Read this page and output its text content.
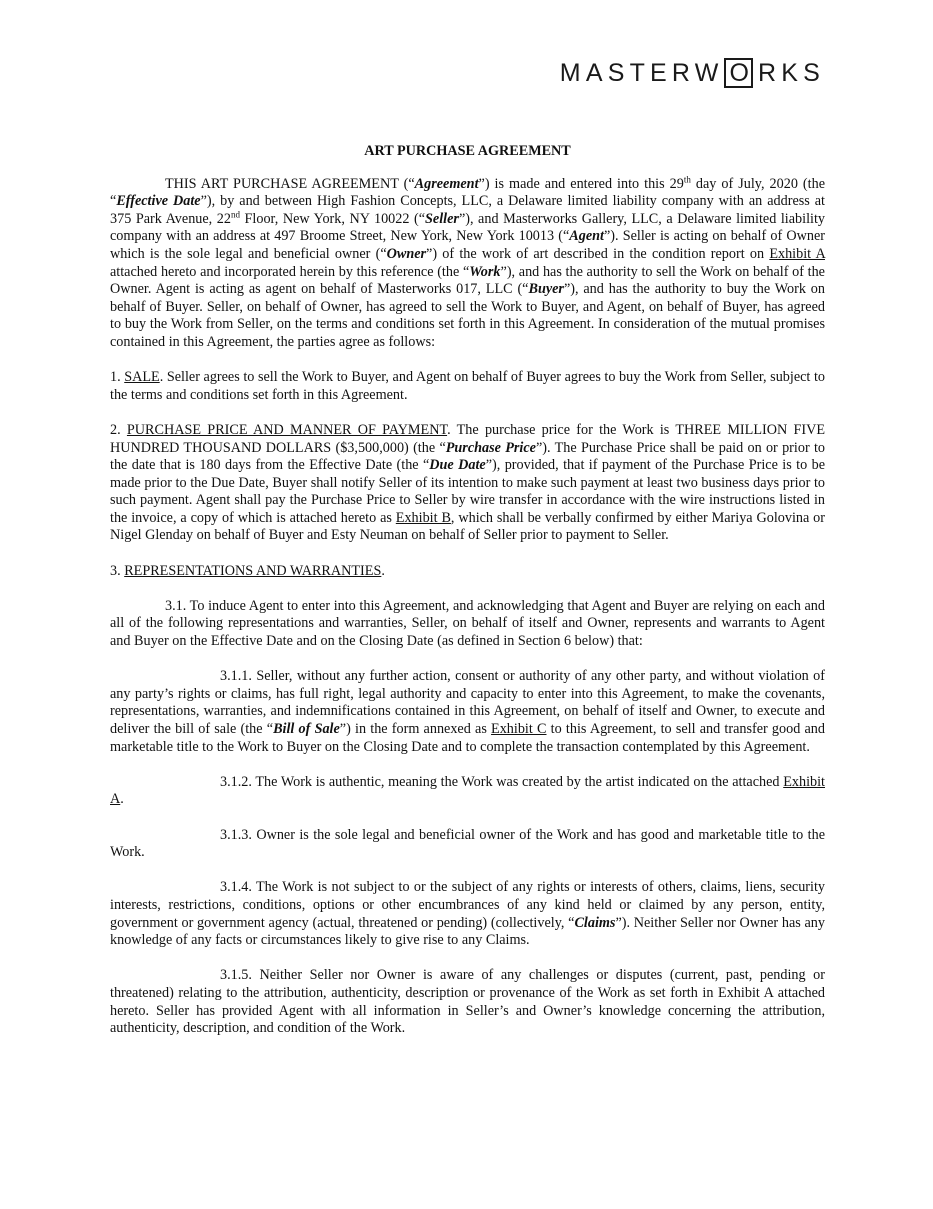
MASTERW O RKS
ART PURCHASE AGREEMENT

THIS ART PURCHASE AGREEMENT (“Agreement”) is made and entered into this 29th day of July, 2020 (the “Effective Date”), by and between High Fashion Concepts, LLC, a Delaware limited liability company with an address at 375 Park Avenue, 22nd Floor, New York, NY 10022 (“Seller”), and Masterworks Gallery, LLC, a Delaware limited liability company with an address at 497 Broome Street, New York, New York 10013 (“Agent”). Seller is acting on behalf of Owner which is the sole legal and beneficial owner (“Owner”) of the work of art described in the condition report on Exhibit A attached hereto and incorporated herein by this reference (the “Work”), and has the authority to sell the Work on behalf of the Owner. Agent is acting as agent on behalf of Masterworks 017, LLC (“Buyer”), and has the authority to buy the Work on behalf of Buyer. Seller, on behalf of Owner, has agreed to sell the Work to Buyer, and Agent, on behalf of Buyer, has agreed to buy the Work from Seller, on the terms and conditions set forth in this Agreement. In consideration of the mutual promises contained in this Agreement, the parties agree as follows:

1. SALE. Seller agrees to sell the Work to Buyer, and Agent on behalf of Buyer agrees to buy the Work from Seller, subject to the terms and conditions set forth in this Agreement.

2. PURCHASE PRICE AND MANNER OF PAYMENT. The purchase price for the Work is THREE MILLION FIVE HUNDRED THOUSAND DOLLARS ($3,500,000) (the “Purchase Price”). The Purchase Price shall be paid on or prior to the date that is 180 days from the Effective Date (the “Due Date”), provided, that if payment of the Purchase Price is to be made prior to the Due Date, Buyer shall notify Seller of its intention to make such payment at least two business days prior to such payment. Agent shall pay the Purchase Price to Seller by wire transfer in accordance with the wire instructions listed in the invoice, a copy of which is attached hereto as Exhibit B, which shall be verbally confirmed by either Mariya Golovina or Nigel Glenday on behalf of Buyer and Esty Neuman on behalf of Seller prior to payment to Seller.

3. REPRESENTATIONS AND WARRANTIES.

3.1. To induce Agent to enter into this Agreement, and acknowledging that Agent and Buyer are relying on each and all of the following representations and warranties, Seller, on behalf of itself and Owner, represents and warrants to Agent and Buyer on the Effective Date and on the Closing Date (as defined in Section 6 below) that:

3.1.1. Seller, without any further action, consent or authority of any other party, and without violation of any party’s rights or claims, has full right, legal authority and capacity to enter into this Agreement, to make the covenants, representations, warranties, and indemnifications contained in this Agreement, on behalf of itself and Owner, to execute and deliver the bill of sale (the “Bill of Sale”) in the form annexed as Exhibit C to this Agreement, to sell and transfer good and marketable title to the Work to Buyer on the Closing Date and to complete the transaction contemplated by this Agreement.

3.1.2. The Work is authentic, meaning the Work was created by the artist indicated on the attached Exhibit A.

3.1.3. Owner is the sole legal and beneficial owner of the Work and has good and marketable title to the Work.

3.1.4. The Work is not subject to or the subject of any rights or interests of others, claims, liens, security interests, restrictions, conditions, options or other encumbrances of any kind held or claimed by any person, entity, government or government agency (actual, threatened or pending) (collectively, “Claims”). Neither Seller nor Owner has any knowledge of any facts or circumstances likely to give rise to any Claims.

3.1.5. Neither Seller nor Owner is aware of any challenges or disputes (current, past, pending or threatened) relating to the attribution, authenticity, description or provenance of the Work as set forth in Exhibit A attached hereto. Seller has provided Agent with all information in Seller’s and Owner’s knowledge concerning the attribution, authenticity, description, and condition of the Work.
